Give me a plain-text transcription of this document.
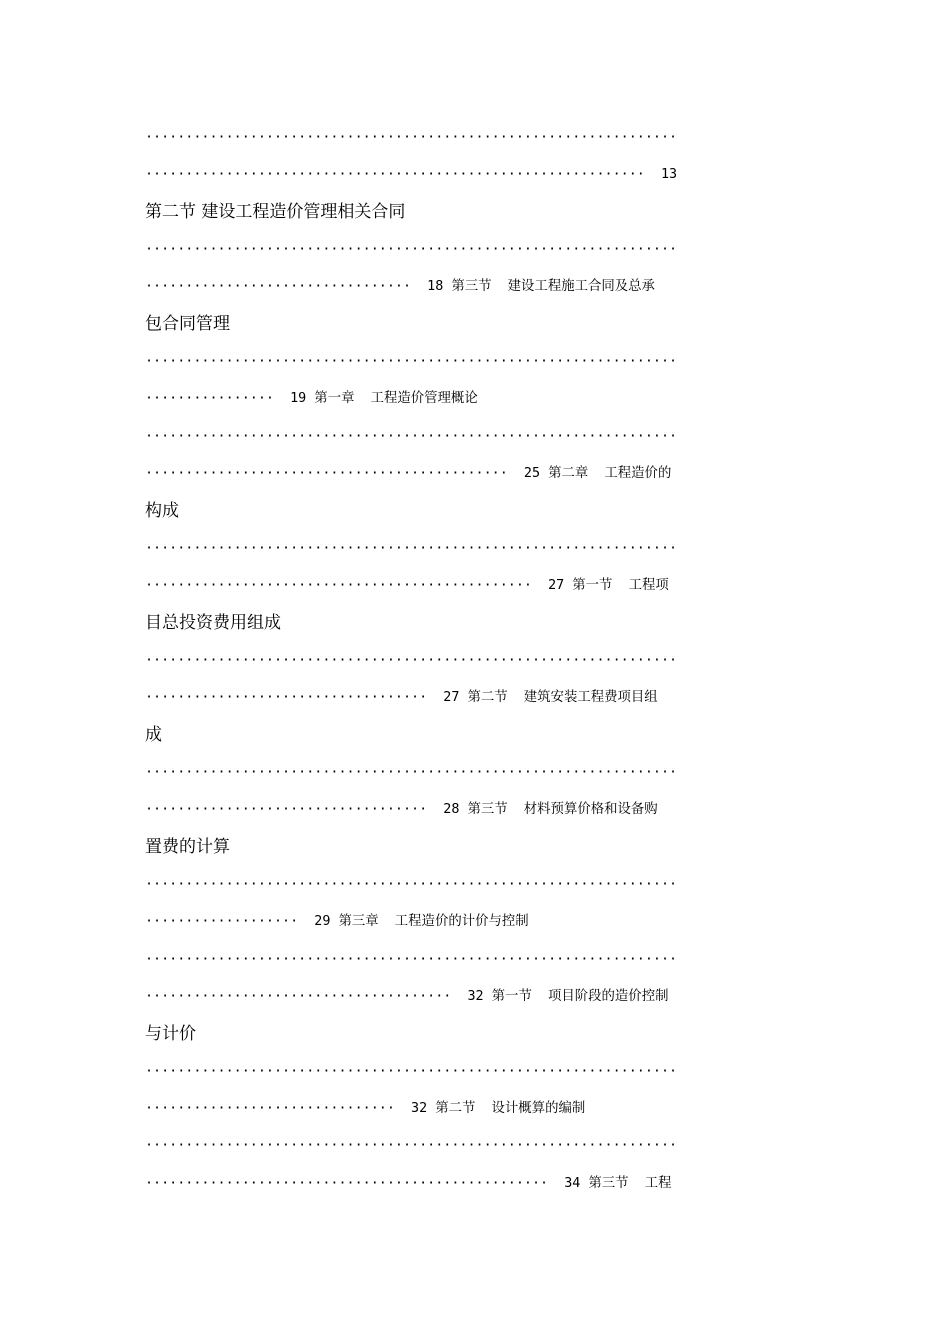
··································································
······························································  13
第二节 建设工程造价管理相关合同
··································································
·································  18 第三节  建设工程施工合同及总承
包合同管理
··································································
················  19 第一章  工程造价管理概论
··································································
·············································  25 第二章  工程造价的
构成
··································································
················································  27 第一节  工程项
目总投资费用组成
··································································
···································  27 第二节  建筑安装工程费项目组
成
··································································
···································  28 第三节  材料预算价格和设备购
置费的计算
··································································
···················  29 第三章  工程造价的计价与控制
··································································
······································  32 第一节  项目阶段的造价控制
与计价
··································································
·······························  32 第二节  设计概算的编制
··································································
··················································  34 第三节  工程
